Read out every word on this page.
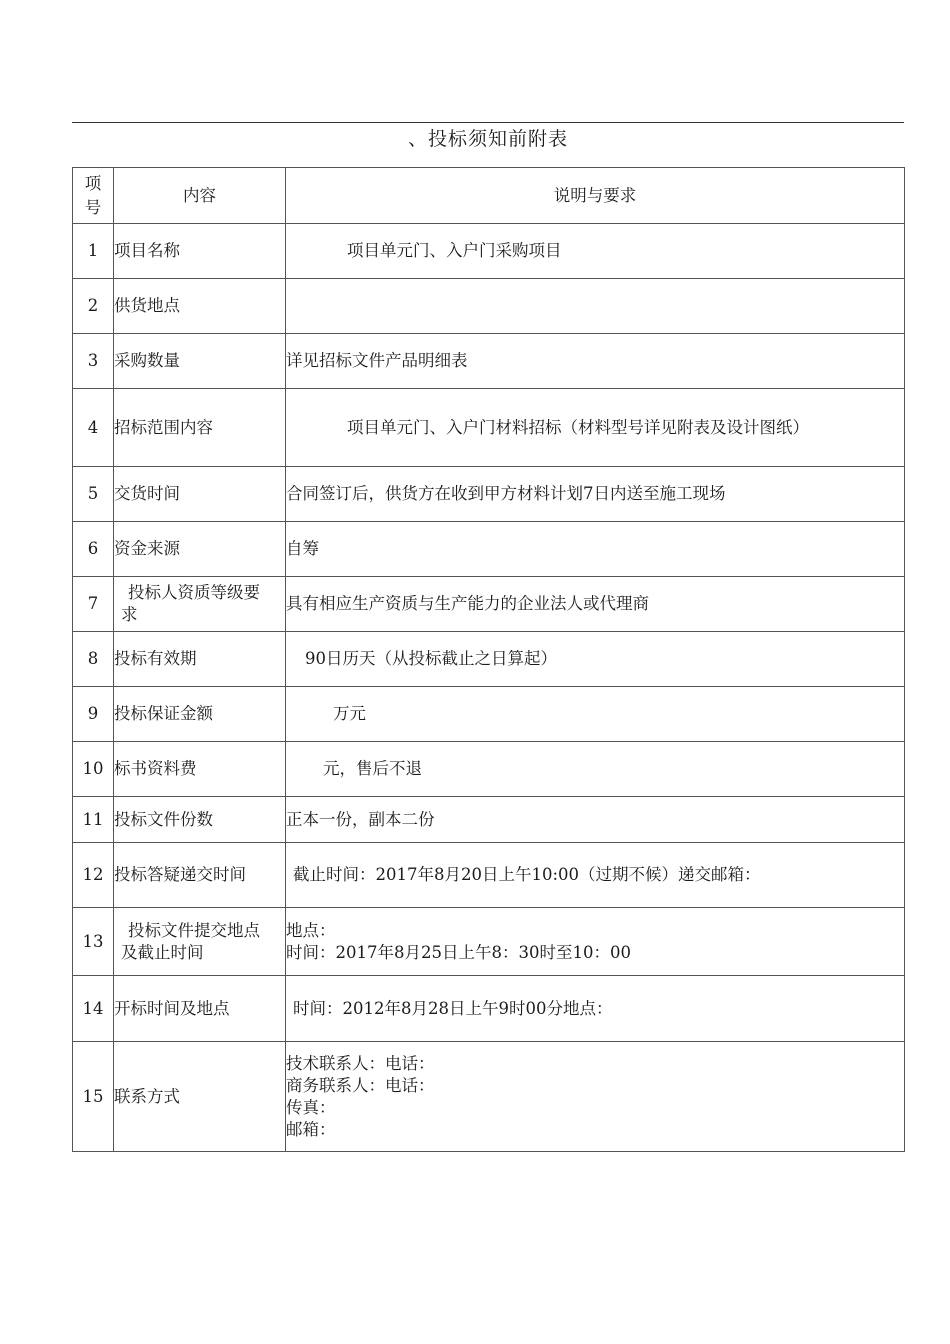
、投标须知前附表
项
号	内容	说明与要求
1	项目名称	项目单元门、入户门采购项目

2	供货地点	
3	采购数量	详见招标文件产品明细表
4	招标范围内容	项目单元门、入户门材料招标（材料型号详见附表及设计图纸）

5	交货时间	合同签订后，供货方在收到甲方材料计划7日内送至施工现场
6	资金来源	自筹
7	投标人资质等级要
求	具有相应生产资质与生产能力的企业法人或代理商
8	投标有效期	90日历天（从投标截止之日算起）

9	投标保证金额	万元

10	标书资料费	元，售后不退

11	投标文件份数	正本一份，副本二份
12	投标答疑递交时间	截止时间：2017年8月20日上午10:00（过期不候）递交邮箱：

13	投标文件提交地点
及截止时间	地点：
时间：2017年8月25日上午8：30时至10：00

14	开标时间及地点	时间：2012年8月28日上午9时00分地点：

15	联系方式	技术联系人：电话：
商务联系人：电话：
传真：
邮箱：
